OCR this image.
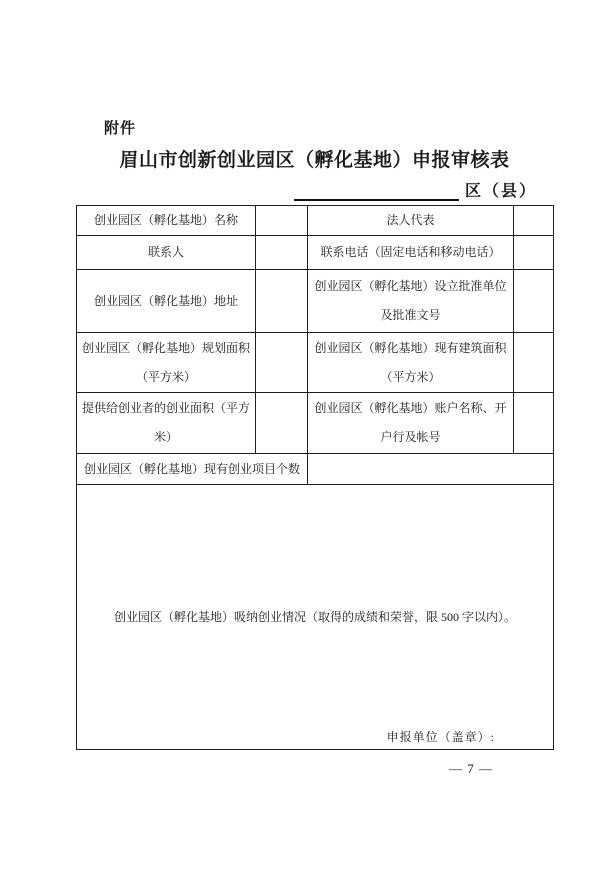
附件
眉山市创新创业园区（孵化基地）申报审核表
区（县）
创业园区（孵化基地）名称		法人代表	
联系人		联系电话（固定电话和移动电话）	
创业园区（孵化基地）地址		创业园区（孵化基地）设立批准单位及批准文号	
创业园区（孵化基地）规划面积（平方米）		创业园区（孵化基地）现有建筑面积（平方米）	
提供给创业者的创业面积（平方米）		创业园区（孵化基地）账户名称、开户行及帐号	
创业园区（孵化基地）现有创业项目个数			
创业园区（孵化基地）吸纳创业情况（取得的成绩和荣誉，限 500 字以内）。
申报单位（盖章）:			
— 7 —
